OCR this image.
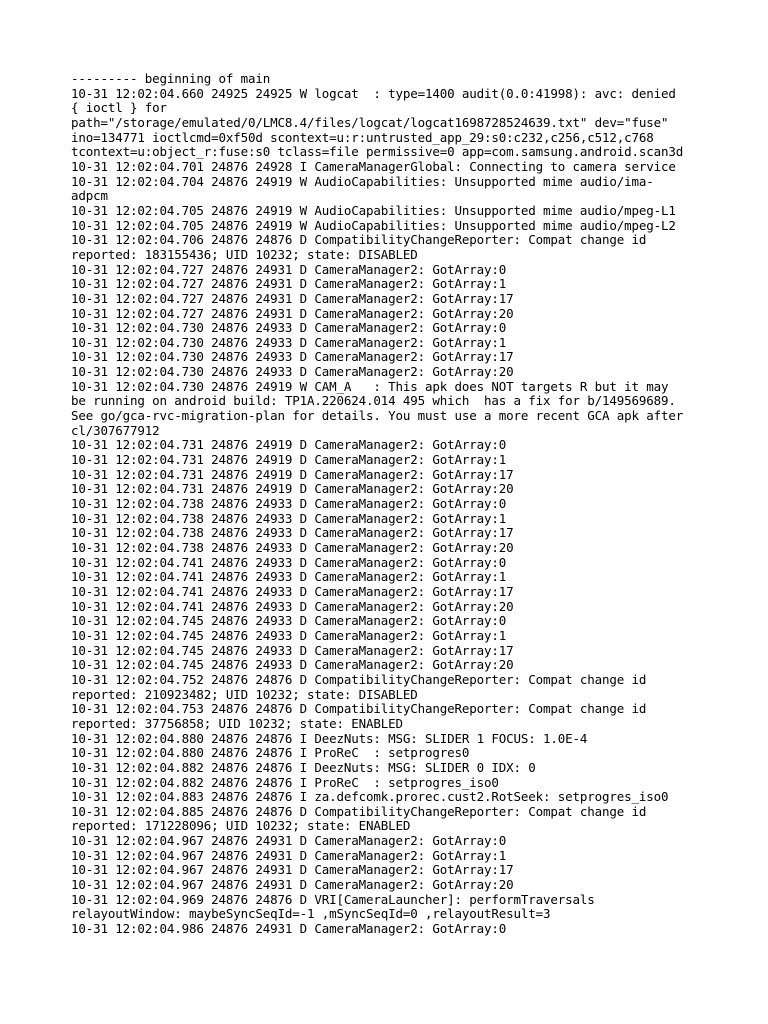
--------- beginning of main
10-31 12:02:04.660 24925 24925 W logcat  : type=1400 audit(0.0:41998): avc: denied
{ ioctl } for
path="/storage/emulated/0/LMC8.4/files/logcat/logcat1698728524639.txt" dev="fuse"
ino=134771 ioctlcmd=0xf50d scontext=u:r:untrusted_app_29:s0:c232,c256,c512,c768
tcontext=u:object_r:fuse:s0 tclass=file permissive=0 app=com.samsung.android.scan3d
10-31 12:02:04.701 24876 24928 I CameraManagerGlobal: Connecting to camera service
10-31 12:02:04.704 24876 24919 W AudioCapabilities: Unsupported mime audio/ima-
adpcm
10-31 12:02:04.705 24876 24919 W AudioCapabilities: Unsupported mime audio/mpeg-L1
10-31 12:02:04.705 24876 24919 W AudioCapabilities: Unsupported mime audio/mpeg-L2
10-31 12:02:04.706 24876 24876 D CompatibilityChangeReporter: Compat change id
reported: 183155436; UID 10232; state: DISABLED
10-31 12:02:04.727 24876 24931 D CameraManager2: GotArray:0
10-31 12:02:04.727 24876 24931 D CameraManager2: GotArray:1
10-31 12:02:04.727 24876 24931 D CameraManager2: GotArray:17
10-31 12:02:04.727 24876 24931 D CameraManager2: GotArray:20
10-31 12:02:04.730 24876 24933 D CameraManager2: GotArray:0
10-31 12:02:04.730 24876 24933 D CameraManager2: GotArray:1
10-31 12:02:04.730 24876 24933 D CameraManager2: GotArray:17
10-31 12:02:04.730 24876 24933 D CameraManager2: GotArray:20
10-31 12:02:04.730 24876 24919 W CAM_A   : This apk does NOT targets R but it may
be running on android build: TP1A.220624.014 495 which  has a fix for b/149569689.
See go/gca-rvc-migration-plan for details. You must use a more recent GCA apk after
cl/307677912
10-31 12:02:04.731 24876 24919 D CameraManager2: GotArray:0
10-31 12:02:04.731 24876 24919 D CameraManager2: GotArray:1
10-31 12:02:04.731 24876 24919 D CameraManager2: GotArray:17
10-31 12:02:04.731 24876 24919 D CameraManager2: GotArray:20
10-31 12:02:04.738 24876 24933 D CameraManager2: GotArray:0
10-31 12:02:04.738 24876 24933 D CameraManager2: GotArray:1
10-31 12:02:04.738 24876 24933 D CameraManager2: GotArray:17
10-31 12:02:04.738 24876 24933 D CameraManager2: GotArray:20
10-31 12:02:04.741 24876 24933 D CameraManager2: GotArray:0
10-31 12:02:04.741 24876 24933 D CameraManager2: GotArray:1
10-31 12:02:04.741 24876 24933 D CameraManager2: GotArray:17
10-31 12:02:04.741 24876 24933 D CameraManager2: GotArray:20
10-31 12:02:04.745 24876 24933 D CameraManager2: GotArray:0
10-31 12:02:04.745 24876 24933 D CameraManager2: GotArray:1
10-31 12:02:04.745 24876 24933 D CameraManager2: GotArray:17
10-31 12:02:04.745 24876 24933 D CameraManager2: GotArray:20
10-31 12:02:04.752 24876 24876 D CompatibilityChangeReporter: Compat change id
reported: 210923482; UID 10232; state: DISABLED
10-31 12:02:04.753 24876 24876 D CompatibilityChangeReporter: Compat change id
reported: 37756858; UID 10232; state: ENABLED
10-31 12:02:04.880 24876 24876 I DeezNuts: MSG: SLIDER 1 FOCUS: 1.0E-4
10-31 12:02:04.880 24876 24876 I ProReC  : setprogres0
10-31 12:02:04.882 24876 24876 I DeezNuts: MSG: SLIDER 0 IDX: 0
10-31 12:02:04.882 24876 24876 I ProReC  : setprogres_iso0
10-31 12:02:04.883 24876 24876 I za.defcomk.prorec.cust2.RotSeek: setprogres_iso0
10-31 12:02:04.885 24876 24876 D CompatibilityChangeReporter: Compat change id
reported: 171228096; UID 10232; state: ENABLED
10-31 12:02:04.967 24876 24931 D CameraManager2: GotArray:0
10-31 12:02:04.967 24876 24931 D CameraManager2: GotArray:1
10-31 12:02:04.967 24876 24931 D CameraManager2: GotArray:17
10-31 12:02:04.967 24876 24931 D CameraManager2: GotArray:20
10-31 12:02:04.969 24876 24876 D VRI[CameraLauncher]: performTraversals
relayoutWindow: maybeSyncSeqId=-1 ,mSyncSeqId=0 ,relayoutResult=3
10-31 12:02:04.986 24876 24931 D CameraManager2: GotArray:0
